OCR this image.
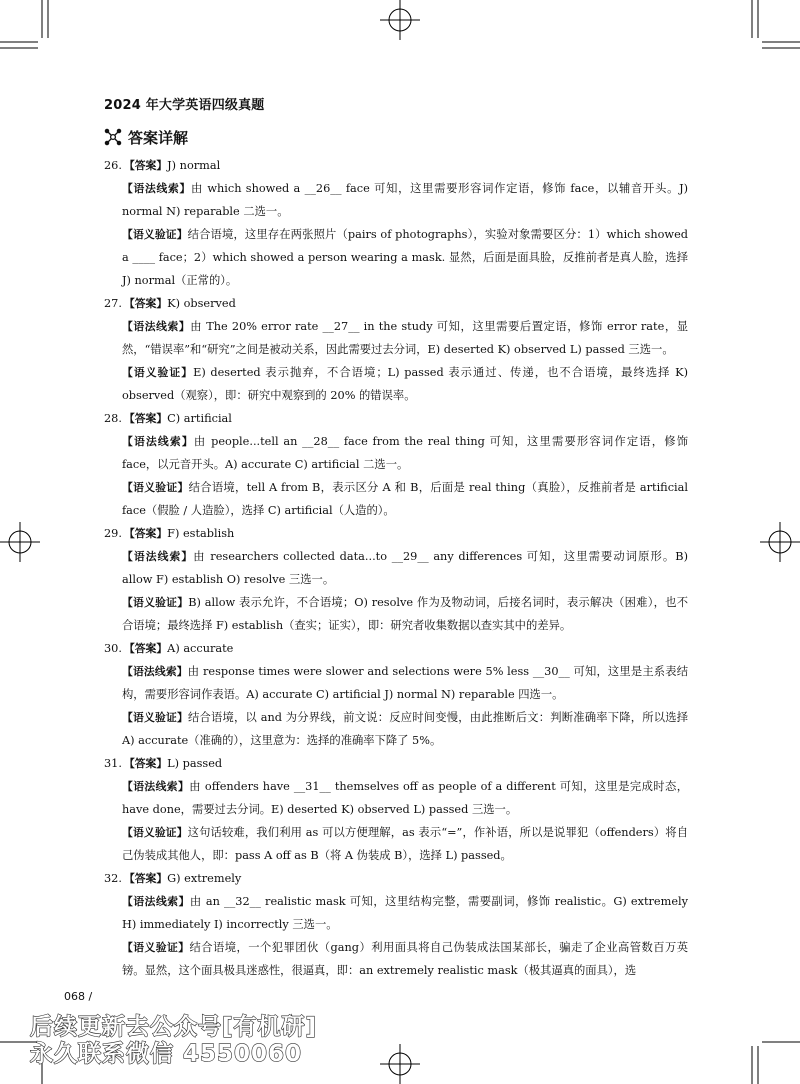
2024 年大学英语四级真题
答案详解
26. 【答案】J) normal
【语法线索】由 which showed a __26__ face 可知，这里需要形容词作定语，修饰 face，以辅音开头。J) normal N) reparable 二选一。
【语义验证】结合语境，这里存在两张照片（pairs of photographs），实验对象需要区分：1）which showed a ____ face；2）which showed a person wearing a mask. 显然，后面是面具脸，反推前者是真人脸，选择 J) normal（正常的）。
27. 【答案】K) observed
【语法线索】由 The 20% error rate __27__ in the study 可知，这里需要后置定语，修饰 error rate，显然，“错误率”和“研究”之间是被动关系，因此需要过去分词，E) deserted K) observed L) passed 三选一。
【语义验证】E) deserted 表示抛弃，不合语境；L) passed 表示通过、传递，也不合语境，最终选择 K) observed（观察），即：研究中观察到的 20% 的错误率。
28. 【答案】C) artificial
【语法线索】由 people...tell an __28__ face from the real thing 可知，这里需要形容词作定语，修饰 face，以元音开头。A) accurate C) artificial 二选一。
【语义验证】结合语境，tell A from B，表示区分 A 和 B，后面是 real thing（真脸），反推前者是 artificial face（假脸 / 人造脸），选择 C) artificial（人造的）。
29. 【答案】F) establish
【语法线索】由 researchers collected data...to __29__ any differences 可知，这里需要动词原形。B) allow F) establish O) resolve 三选一。
【语义验证】B) allow 表示允许，不合语境；O) resolve 作为及物动词，后接名词时，表示解决（困难），也不合语境；最终选择 F) establish（查实；证实），即：研究者收集数据以查实其中的差异。
30. 【答案】A) accurate
【语法线索】由 response times were slower and selections were 5% less __30__ 可知，这里是主系表结构，需要形容词作表语。A) accurate C) artificial J) normal N) reparable 四选一。
【语义验证】结合语境，以 and 为分界线，前文说：反应时间变慢，由此推断后文：判断准确率下降，所以选择 A) accurate（准确的），这里意为：选择的准确率下降了 5%。
31. 【答案】L) passed
【语法线索】由 offenders have __31__ themselves off as people of a different 可知，这里是完成时态，have done，需要过去分词。E) deserted K) observed L) passed 三选一。
【语义验证】这句话较难，我们利用 as 可以方便理解，as 表示“=”，作补语，所以是说罪犯（offenders）将自己伪装成其他人，即：pass A off as B（将 A 伪装成 B），选择 L) passed。
32. 【答案】G) extremely
【语法线索】由 an __32__ realistic mask 可知，这里结构完整，需要副词，修饰 realistic。G) extremely H) immediately I) incorrectly 三选一。
【语义验证】结合语境，一个犯罪团伙（gang）利用面具将自己伪装成法国某部长，骗走了企业高管数百万英镑。显然，这个面具极具迷惑性，很逼真，即：an extremely realistic mask（极其逼真的面具），选
068 /
后续更新去公众号[有机研]
永久联系微信 4550060
